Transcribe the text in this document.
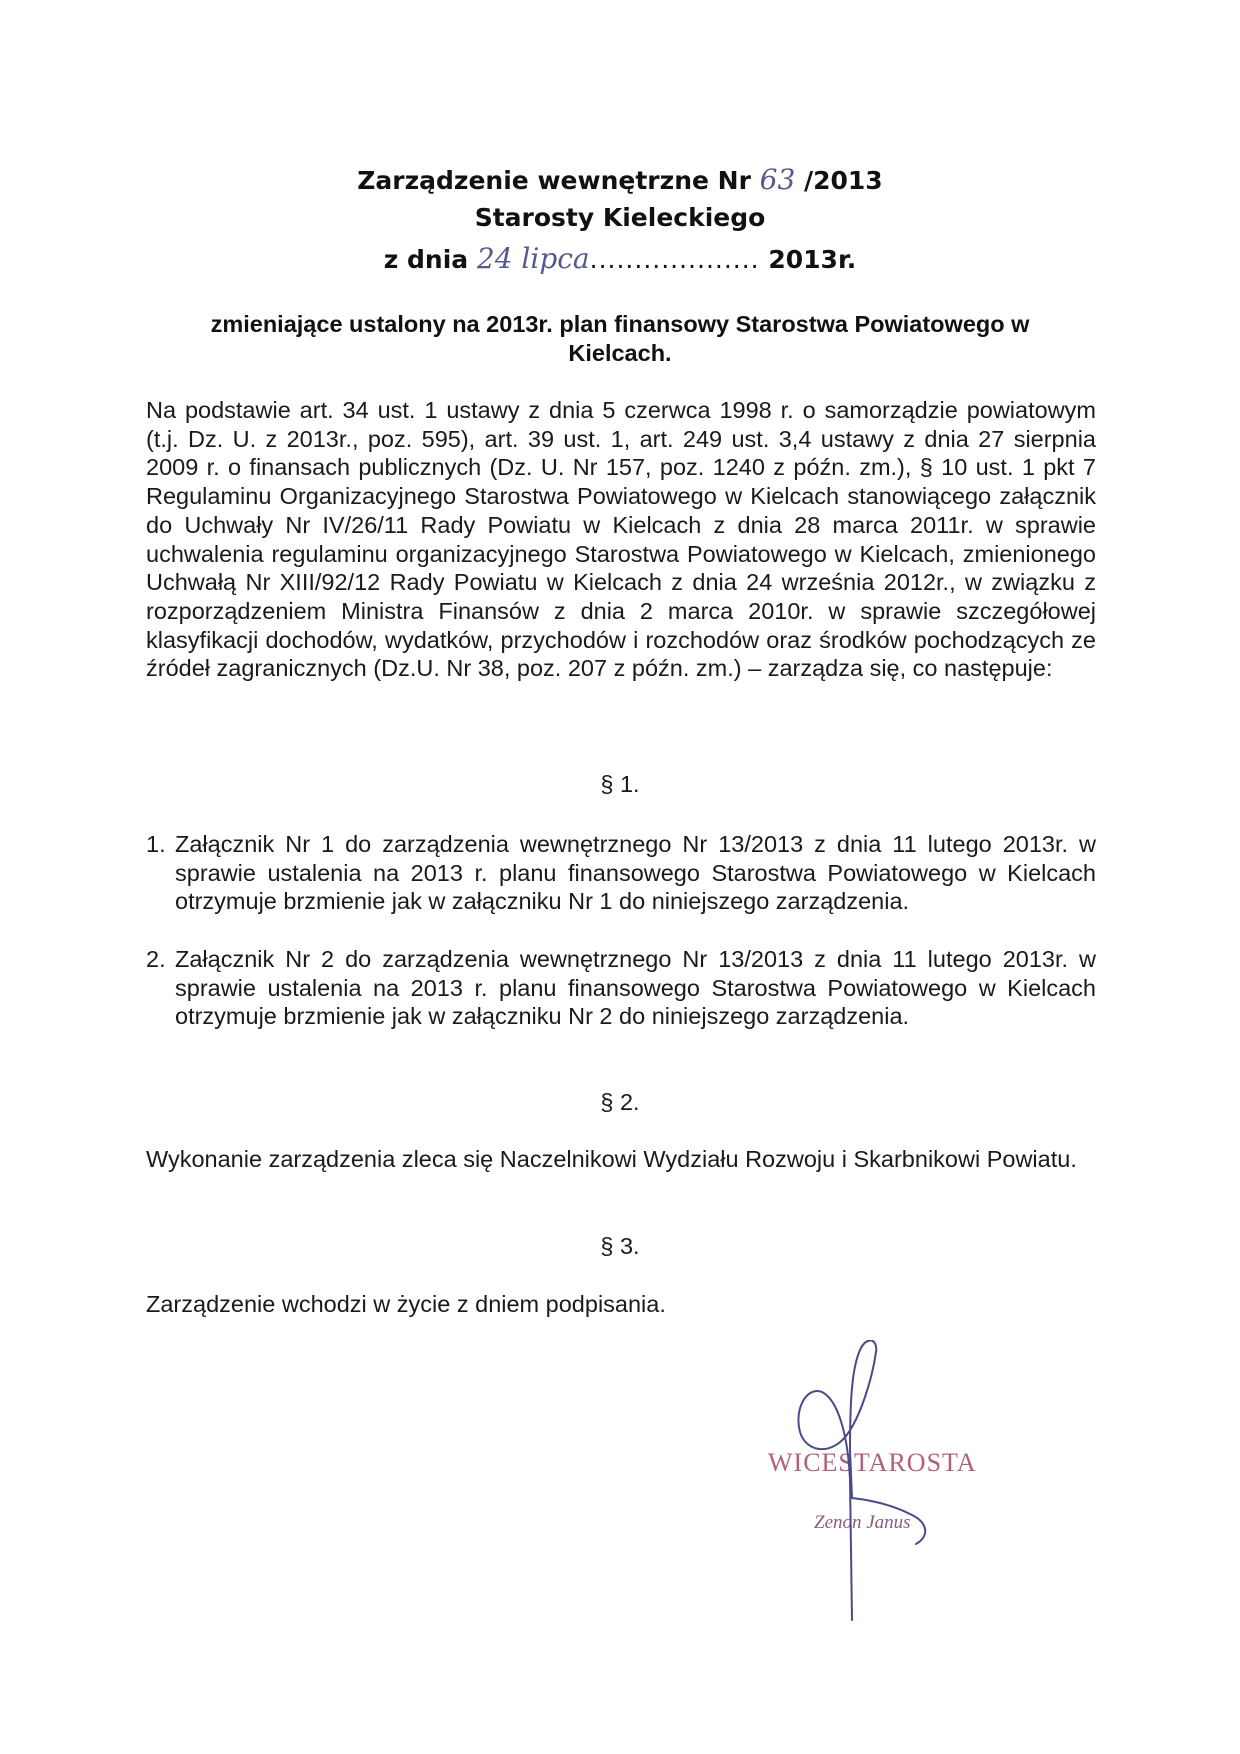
Zarządzenie wewnętrzne Nr 63 /2013
Starosty Kieleckiego
z dnia 24 lipca................... 2013r.
zmieniające ustalony na 2013r. plan finansowy Starostwa Powiatowego w Kielcach.
Na podstawie art. 34 ust. 1 ustawy z dnia 5 czerwca 1998 r. o samorządzie powiatowym (t.j. Dz. U. z 2013r., poz. 595), art. 39 ust. 1, art. 249 ust. 3,4 ustawy z dnia 27 sierpnia 2009 r. o finansach publicznych (Dz. U. Nr 157, poz. 1240 z późn. zm.), § 10 ust. 1 pkt 7 Regulaminu Organizacyjnego Starostwa Powiatowego w Kielcach stanowiącego załącznik do Uchwały Nr IV/26/11 Rady Powiatu w Kielcach z dnia 28 marca 2011r. w sprawie uchwalenia regulaminu organizacyjnego Starostwa Powiatowego w Kielcach, zmienionego Uchwałą Nr XIII/92/12 Rady Powiatu w Kielcach z dnia 24 września 2012r., w związku z rozporządzeniem Ministra Finansów z dnia 2 marca 2010r. w sprawie szczegółowej klasyfikacji dochodów, wydatków, przychodów i rozchodów oraz środków pochodzących ze źródeł zagranicznych (Dz.U. Nr 38, poz. 207 z późn. zm.) – zarządza się, co następuje:
§ 1.
1. Załącznik Nr 1 do zarządzenia wewnętrznego Nr 13/2013 z dnia 11 lutego 2013r. w sprawie ustalenia na 2013 r. planu finansowego Starostwa Powiatowego w Kielcach otrzymuje brzmienie jak w załączniku Nr 1 do niniejszego zarządzenia.
2. Załącznik Nr 2 do zarządzenia wewnętrznego Nr 13/2013 z dnia 11 lutego 2013r. w sprawie ustalenia na 2013 r. planu finansowego Starostwa Powiatowego w Kielcach otrzymuje brzmienie jak w załączniku Nr 2 do niniejszego zarządzenia.
§ 2.
Wykonanie zarządzenia zleca się Naczelnikowi Wydziału Rozwoju i Skarbnikowi Powiatu.
§ 3.
Zarządzenie wchodzi w życie z dniem podpisania.
WICESTAROSTA
Zenon Janus
